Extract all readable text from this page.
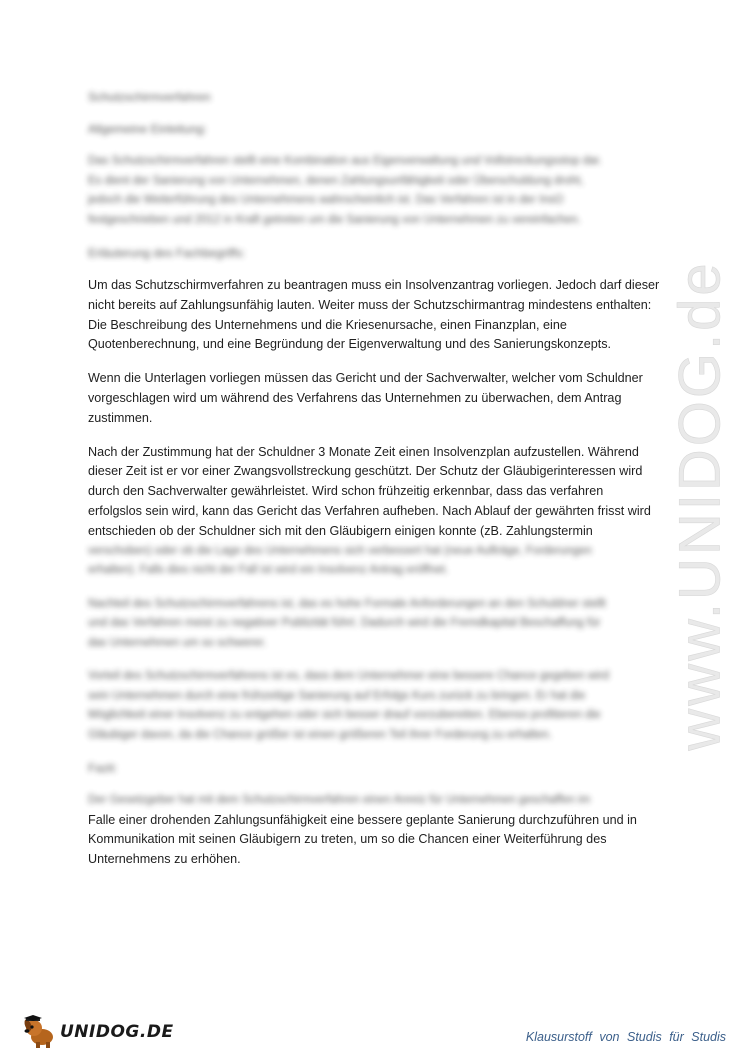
www.UNIDOG.de
Schutzschirmverfahren
Allgemeine Einleitung:
Das Schutzschirmverfahren stellt eine Kombination aus Eigenverwaltung und Vollstreckungsstop dar.
Es dient der Sanierung von Unternehmen, denen Zahlungsunfähigkeit oder Überschuldung droht,
jedoch die Weiterführung des Unternehmens wahrscheinlich ist. Das Verfahren ist in der InsO
festgeschrieben und 2012 in Kraft getreten um die Sanierung von Unternehmen zu vereinfachen.
Erläuterung des Fachbegriffs:
Um das Schutzschirmverfahren zu beantragen muss ein Insolvenzantrag vorliegen. Jedoch darf dieser
nicht bereits auf Zahlungsunfähig lauten. Weiter muss der Schutzschirmantrag mindestens enthalten:
Die Beschreibung des Unternehmens und die Kriesenursache, einen Finanzplan, eine
Quotenberechnung, und eine Begründung der Eigenverwaltung und des Sanierungskonzepts.
Wenn die Unterlagen vorliegen müssen das Gericht und der Sachverwalter, welcher vom Schuldner
vorgeschlagen wird um während des Verfahrens das Unternehmen zu überwachen, dem Antrag
zustimmen.
Nach der Zustimmung hat der Schuldner 3 Monate Zeit einen Insolvenzplan aufzustellen. Während
dieser Zeit ist er vor einer Zwangsvollstreckung geschützt. Der Schutz der Gläubigerinteressen wird
durch den Sachverwalter gewährleistet. Wird schon frühzeitig erkennbar, dass das verfahren
erfolgslos sein wird, kann das Gericht das Verfahren aufheben. Nach Ablauf der gewährten frisst wird
entschieden ob der Schuldner sich mit den Gläubigern einigen konnte (zB. Zahlungstermin
verschoben) oder ob die Lage des Unternehmens sich verbessert hat (neue Aufträge, Forderungen
erhalten). Falls dies nicht der Fall ist wird ein Insolvenz Antrag eröffnet.
Nachteil des Schutzschirmverfahrens ist, das es hohe Formale Anforderungen an den Schuldner stellt
und das Verfahren meist zu negativer Publizität führt. Dadurch wird die Fremdkapital Beschaffung für
das Unternehmen um so schwerer.
Vorteil des Schutzschirmverfahrens ist es, dass dem Unternehmer eine bessere Chance gegeben wird
sein Unternehmen durch eine frühzeitige Sanierung auf Erfolgs Kurs zurück zu bringen. Er hat die
Möglichkeit einer Insolvenz zu entgehen oder sich besser drauf vorzubereiten. Ebenso profitieren die
Gläubiger davon, da die Chance größer ist einen größeren Teil ihrer Forderung zu erhalten.
Fazit:
Der Gesetzgeber hat mit dem Schutzschirmverfahren einen Anreiz für Unternehmen geschaffen im
Falle einer drohenden Zahlungsunfähigkeit eine bessere geplante Sanierung durchzuführen und in
Kommunikation mit seinen Gläubigern zu treten, um so die Chancen einer Weiterführung des
Unternehmens zu erhöhen.
UNIDOG.DE	Klausurstoff von Studis für Studis
